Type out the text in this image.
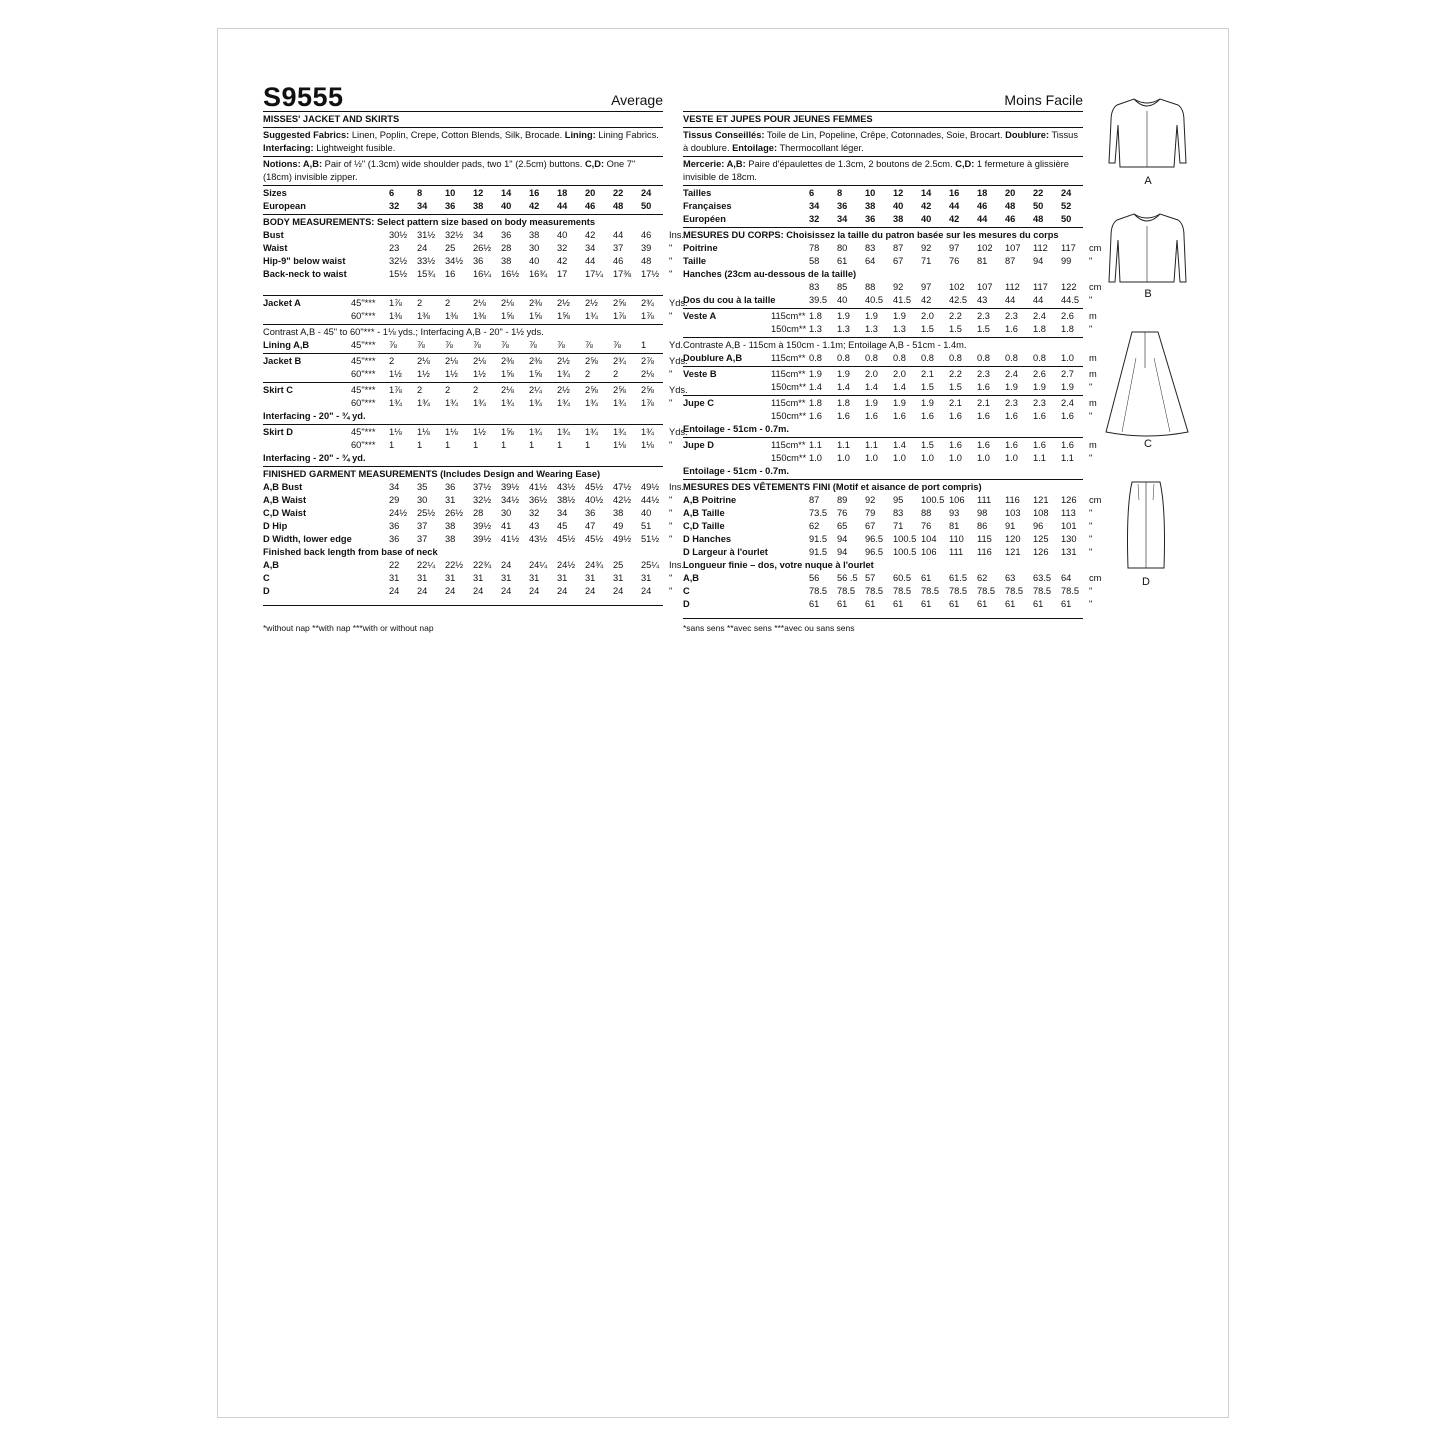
S9555	Average
MISSES' JACKET AND SKIRTS
Suggested Fabrics: Linen, Poplin, Crepe, Cotton Blends, Silk, Brocade. Lining: Lining Fabrics.
Interfacing: Lightweight fusible.
Notions: A,B: Pair of ½" (1.3cm) wide shoulder pads, two 1" (2.5cm) buttons. C,D: One 7" (18cm) invisible zipper.
Sizes		6	8	10	12	14	16	18	20	22	24	
European		32	34	36	38	40	42	44	46	48	50	
BODY MEASUREMENTS: Select pattern size based on body measurements
Bust		30½	31½	32½	34	36	38	40	42	44	46	Ins.
Waist		23	24	25	26½	28	30	32	34	37	39	"
Hip-9" below waist		32½	33½	34½	36	38	40	42	44	46	48	"
Back-neck to waist		15½	15¾	16	16¼	16½	16¾	17	17¼	17⅜	17½	"
Jacket A	45"***	1⅞	2	2	2⅛	2⅛	2⅜	2½	2½	2⅝	2¾	Yds.
	60"***	1⅜	1⅜	1⅜	1⅜	1⅝	1⅝	1⅝	1¾	1⅞	1⅞	"
Contrast A,B - 45" to 60"*** - 1⅛ yds.; Interfacing A,B - 20" - 1½ yds.
Lining A,B	45"***	⅞	⅞	⅞	⅞	⅞	⅞	⅞	⅞	⅞	1	Yd.
Jacket B	45"***	2	2⅛	2⅛	2⅛	2⅜	2⅜	2½	2⅝	2¾	2⅞	Yds.
	60"***	1½	1½	1½	1½	1⅝	1⅝	1¾	2	2	2⅛	"
Skirt C	45"***	1⅞	2	2	2	2⅛	2¼	2½	2⅝	2⅝	2⅝	Yds.
	60"***	1¾	1¾	1¾	1¾	1¾	1¾	1¾	1¾	1¾	1⅞	"
Interfacing - 20" - ¾ yd.
Skirt D	45"***	1⅛	1⅛	1⅛	1½	1⅝	1¾	1¾	1¾	1¾	1¾	Yds.
	60"***	1	1	1	1	1	1	1	1	1⅛	1⅛	"
Interfacing - 20" - ¾ yd.
FINISHED GARMENT MEASUREMENTS (Includes Design and Wearing Ease)
A,B Bust		34	35	36	37½	39½	41½	43½	45½	47½	49½	Ins.
A,B Waist		29	30	31	32½	34½	36½	38½	40½	42½	44½	"
C,D Waist		24½	25½	26½	28	30	32	34	36	38	40	"
D Hip		36	37	38	39½	41	43	45	47	49	51	"
D Width, lower edge		36	37	38	39½	41½	43½	45½	45½	49½	51½	"
Finished back length from base of neck
A,B		22	22¼	22½	22¾	24	24¼	24½	24¾	25	25¼	Ins.
C		31	31	31	31	31	31	31	31	31	31	"
D		24	24	24	24	24	24	24	24	24	24	"
*without nap **with nap ***with or without nap
Moins Facile
VESTE ET JUPES POUR JEUNES FEMMES
Tissus Conseillés: Toile de Lin, Popeline, Crêpe, Cotonnades, Soie, Brocart. Doublure: Tissus à doublure. Entoilage: Thermocollant léger.
Mercerie: A,B: Paire d'épaulettes de 1.3cm, 2 boutons de 2.5cm. C,D: 1 fermeture à glissière invisible de 18cm.
Tailles		6	8	10	12	14	16	18	20	22	24	
Françaises		34	36	38	40	42	44	46	48	50	52	
Européen		32	34	36	38	40	42	44	46	48	50	
MESURES DU CORPS: Choisissez la taille du patron basée sur les mesures du corps
Poitrine		78	80	83	87	92	97	102	107	112	117	cm
Taille		58	61	64	67	71	76	81	87	94	99	"
Hanches (23cm au-dessous de la taille)
		83	85	88	92	97	102	107	112	117	122	cm
Dos du cou à la taille		39.5	40	40.5	41.5	42	42.5	43	44	44	44.5	"
Veste A	115cm**	1.8	1.9	1.9	1.9	2.0	2.2	2.3	2.3	2.4	2.6	m
	150cm**	1.3	1.3	1.3	1.3	1.5	1.5	1.5	1.6	1.8	1.8	"
Contraste A,B - 115cm à 150cm - 1.1m; Entoilage A,B - 51cm - 1.4m.
Doublure A,B	115cm**	0.8	0.8	0.8	0.8	0.8	0.8	0.8	0.8	0.8	1.0	m
Veste B	115cm**	1.9	1.9	2.0	2.0	2.1	2.2	2.3	2.4	2.6	2.7	m
	150cm**	1.4	1.4	1.4	1.4	1.5	1.5	1.6	1.9	1.9	1.9	"
Jupe C	115cm**	1.8	1.8	1.9	1.9	1.9	2.1	2.1	2.3	2.3	2.4	m
	150cm**	1.6	1.6	1.6	1.6	1.6	1.6	1.6	1.6	1.6	1.6	"
Entoilage - 51cm - 0.7m.
Jupe D	115cm**	1.1	1.1	1.1	1.4	1.5	1.6	1.6	1.6	1.6	1.6	m
	150cm**	1.0	1.0	1.0	1.0	1.0	1.0	1.0	1.0	1.1	1.1	"
Entoilage - 51cm - 0.7m.
MESURES DES VÊTEMENTS FINI (Motif et aisance de port compris)
A,B Poitrine		87	89	92	95	100.5	106	111	116	121	126	cm
A,B Taille		73.5	76	79	83	88	93	98	103	108	113	"
C,D Taille		62	65	67	71	76	81	86	91	96	101	"
D Hanches		91.5	94	96.5	100.5	104	110	115	120	125	130	"
D Largeur à l'ourlet		91.5	94	96.5	100.5	106	111	116	121	126	131	"
Longueur finie – dos, votre nuque à l'ourlet
A,B		56	56 .5	57	60.5	61	61.5	62	63	63.5	64	cm
C		78.5	78.5	78.5	78.5	78.5	78.5	78.5	78.5	78.5	78.5	"
D		61	61	61	61	61	61	61	61	61	61	"
*sans sens **avec sens ***avec ou sans sens
A
B
C
D
